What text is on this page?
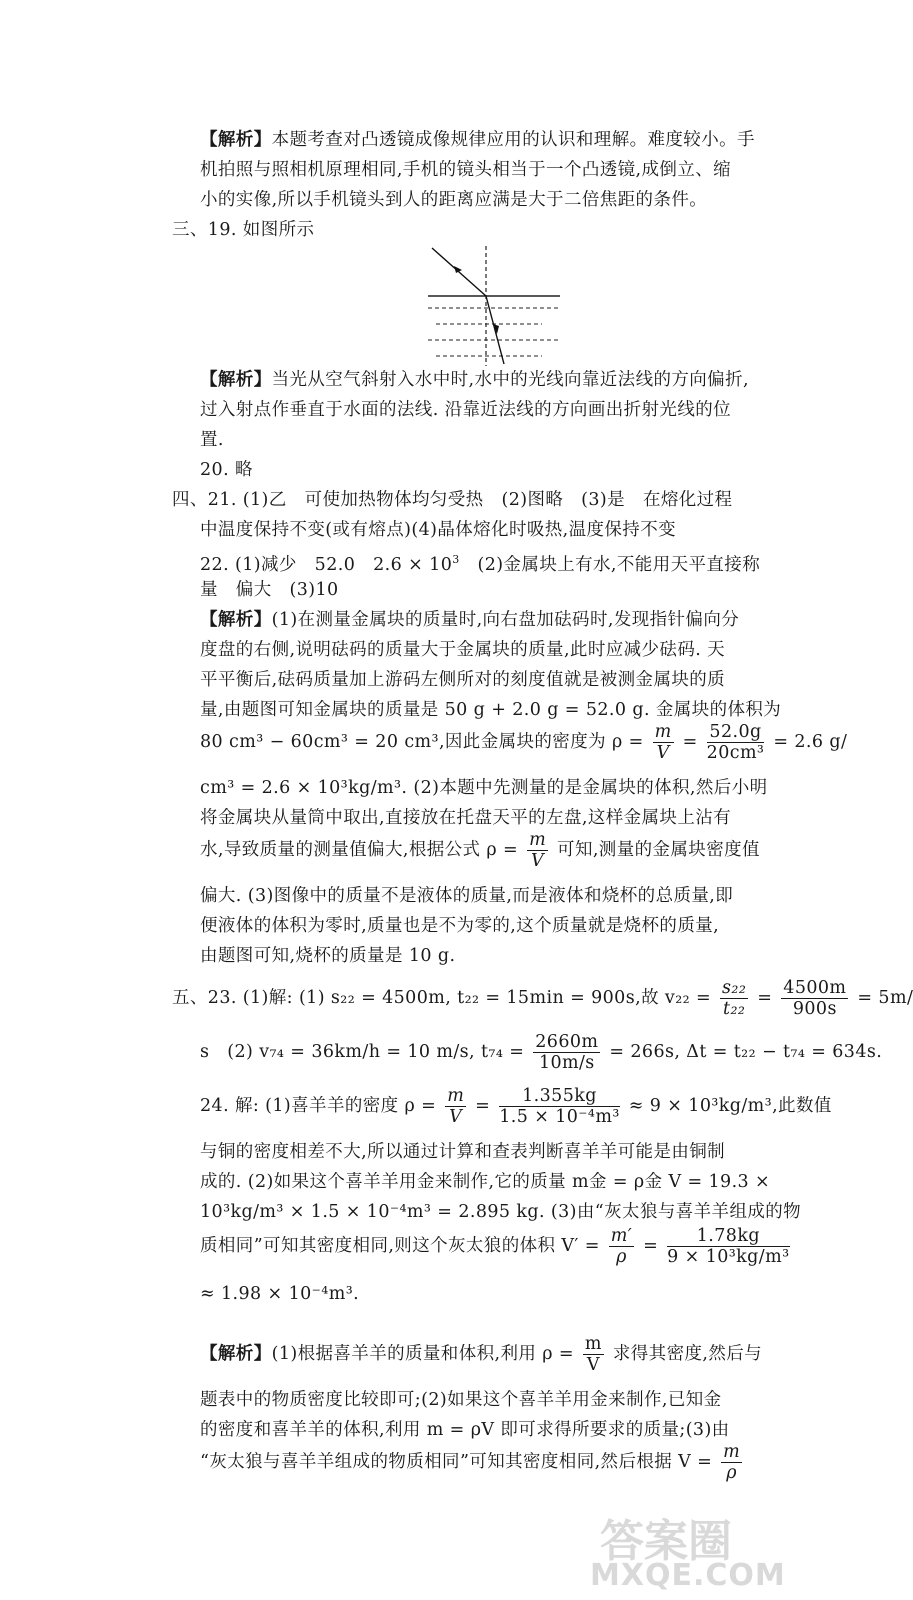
【解析】本题考查对凸透镜成像规律应用的认识和理解。难度较小。手
机拍照与照相机原理相同,手机的镜头相当于一个凸透镜,成倒立、缩
小的实像,所以手机镜头到人的距离应满是大于二倍焦距的条件。
三、19. 如图所示
【解析】当光从空气斜射入水中时,水中的光线向靠近法线的方向偏折,
过入射点作垂直于水面的法线. 沿靠近法线的方向画出折射光线的位
置.
20. 略
四、21. (1)乙　可使加热物体均匀受热　(2)图略　(3)是　在熔化过程
中温度保持不变(或有熔点)(4)晶体熔化时吸热,温度保持不变
22. (1)减少　52.0　$2.6 \times 10^3$　(2)金属块上有水,不能用天平直接称
量　偏大　(3)10
【解析】(1)在测量金属块的质量时,向右盘加砝码时,发现指针偏向分
度盘的右侧,说明砝码的质量大于金属块的质量,此时应减少砝码. 天
平平衡后,砝码质量加上游码左侧所对的刻度值就是被测金属块的质
量,由题图可知金属块的质量是 50 g + 2.0 g = 52.0 g. 金属块的体积为
80 cm³ − 60cm³ = 20 cm³,因此金属块的密度为 $\rho = \frac{m}{V} = \frac{52.0g}{\text{20cm³}} = 2.6$ g/
cm³ = 2.6 × 10³kg/m³. (2)本题中先测量的是金属块的体积,然后小明
将金属块从量筒中取出,直接放在托盘天平的左盘,这样金属块上沾有
水,导致质量的测量值偏大,根据公式 $\rho = \frac{m}{V}$ 可知,测量的金属块密度值
偏大. (3)图像中的质量不是液体的质量,而是液体和烧杯的总质量,即
便液体的体积为零时,质量也是不为零的,这个质量就是烧杯的质量,
由题图可知,烧杯的质量是 10 g.
五、23. (1)解: (1) s₂₂ = 4500m, t₂₂ = 15min = 900s,故 $v_{22} = \frac{\text{s₂₂}}{\text{t₂₂}} = \frac{4500m}{900s} = 5m/$
s　(2) v₇₄ = 36km/h = 10 m/s, $t_{74} = \frac{2660m}{10m/s} = 266s$, Δt = t₂₂ − t₇₄ = 634s.
24. 解: (1)喜羊羊的密度 $\rho = \frac{m}{V} = \frac{1.355kg}{\text{1.5 × 10⁻⁴m³}} \approx 9 \times 10^3kg/m^3$,此数值
与铜的密度相差不大,所以通过计算和查表判断喜羊羊可能是由铜制
成的. (2)如果这个喜羊羊用金来制作,它的质量 m金 = ρ金 V = 19.3 ×
10³kg/m³ × 1.5 × 10⁻⁴m³ = 2.895 kg. (3)由“灰太狼与喜羊羊组成的物
质相同”可知其密度相同,则这个灰太狼的体积 $V' = \frac{m'}{\rho} = \frac{1.78kg}{\text{9 × 10³kg/m³}}$
≈ 1.98 × 10⁻⁴m³.
【解析】(1)根据喜羊羊的质量和体积,利用 $\rho = \frac{m}{V}$ 求得其密度,然后与
题表中的物质密度比较即可;(2)如果这个喜羊羊用金来制作,已知金
的密度和喜羊羊的体积,利用 m = ρV 即可求得所要求的质量;(3)由
“灰太狼与喜羊羊组成的物质相同”可知其密度相同,然后根据 $V = \frac{m}{\rho}$
答案圈
MXQE.COM
